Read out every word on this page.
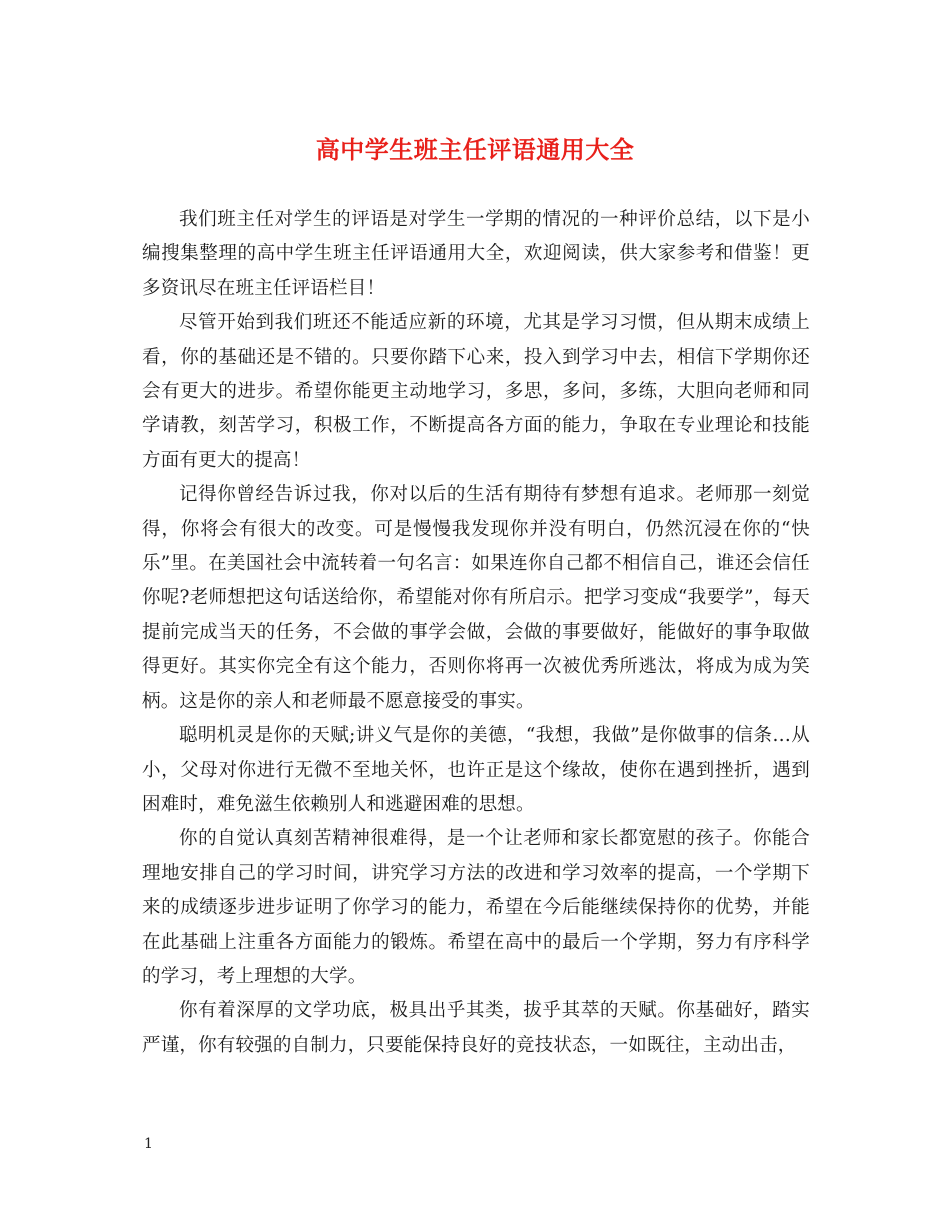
高中学生班主任评语通用大全

我们班主任对学生的评语是对学生一学期的情况的一种评价总结，以下是小编搜集整理的高中学生班主任评语通用大全，欢迎阅读，供大家参考和借鉴！更多资讯尽在班主任评语栏目！

尽管开始到我们班还不能适应新的环境，尤其是学习习惯，但从期末成绩上看，你的基础还是不错的。只要你踏下心来，投入到学习中去，相信下学期你还会有更大的进步。希望你能更主动地学习，多思，多问，多练，大胆向老师和同学请教，刻苦学习，积极工作，不断提高各方面的能力，争取在专业理论和技能方面有更大的提高！

记得你曾经告诉过我，你对以后的生活有期待有梦想有追求。老师那一刻觉得，你将会有很大的改变。可是慢慢我发现你并没有明白，仍然沉浸在你的“快乐”里。在美国社会中流转着一句名言：如果连你自己都不相信自己，谁还会信任你呢?老师想把这句话送给你，希望能对你有所启示。把学习变成“我要学”，每天提前完成当天的任务，不会做的事学会做，会做的事要做好，能做好的事争取做得更好。其实你完全有这个能力，否则你将再一次被优秀所逃汰，将成为成为笑柄。这是你的亲人和老师最不愿意接受的事实。

聪明机灵是你的天赋;讲义气是你的美德，“我想，我做”是你做事的信条…从小，父母对你进行无微不至地关怀，也许正是这个缘故，使你在遇到挫折，遇到困难时，难免滋生依赖别人和逃避困难的思想。

你的自觉认真刻苦精神很难得，是一个让老师和家长都宽慰的孩子。你能合理地安排自己的学习时间，讲究学习方法的改进和学习效率的提高，一个学期下来的成绩逐步进步证明了你学习的能力，希望在今后能继续保持你的优势，并能在此基础上注重各方面能力的锻炼。希望在高中的最后一个学期，努力有序科学的学习，考上理想的大学。

你有着深厚的文学功底，极具出乎其类，拔乎其萃的天赋。你基础好，踏实严谨，你有较强的自制力，只要能保持良好的竞技状态，一如既往，主动出击，

1
